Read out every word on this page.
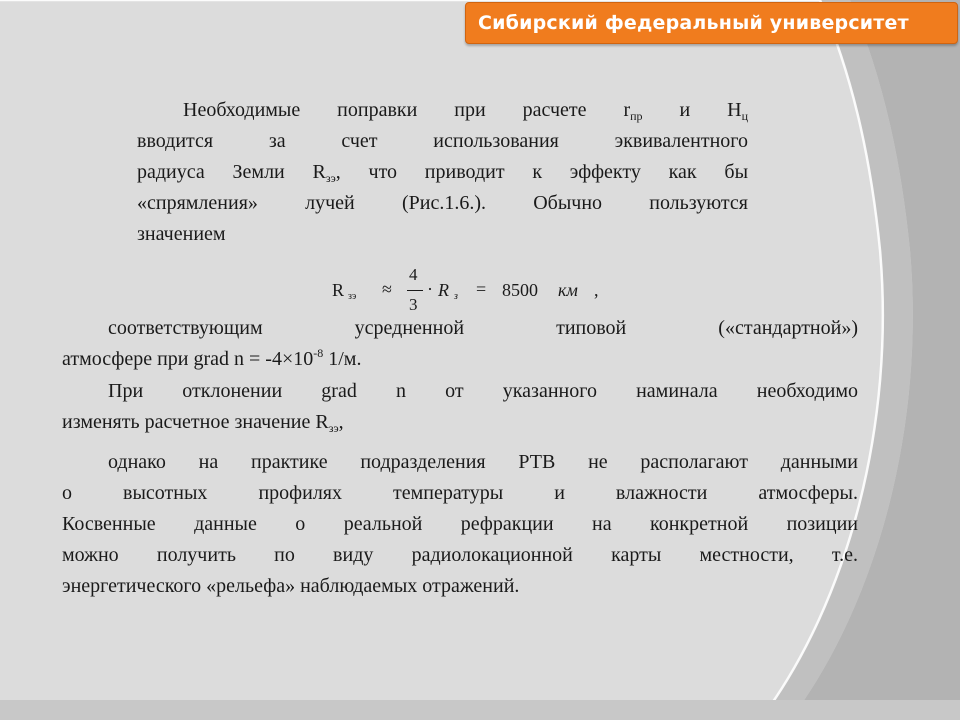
Сибирский федеральный университет
Необходимые   поправки   при   расчете   $r_{пр}$   и   $H_ц$
вводится за счет использования эквивалентного
радиуса Земли $R_{зэ}$, что приводит к эффекту как бы
«спрямления» лучей (Рис.1.6.). Обычно пользуются
значением
R зэ ≈
4
3
· R з = 8500 км ,
соответствующим усредненной типовой («стандартной»)
атмосфере при grad $n = -4\times 10^{-8}$ 1/м.
При отклонении grad n от указанного наминала необходимо
изменять расчетное значение $R_{зэ}$,
однако на практике подразделения РТВ не располагают данными
о высотных профилях температуры и влажности атмосферы.
Косвенные данные о реальной рефракции на конкретной позиции
можно получить по виду радиолокационной карты местности, т.е.
энергетического «рельефа» наблюдаемых отражений.
